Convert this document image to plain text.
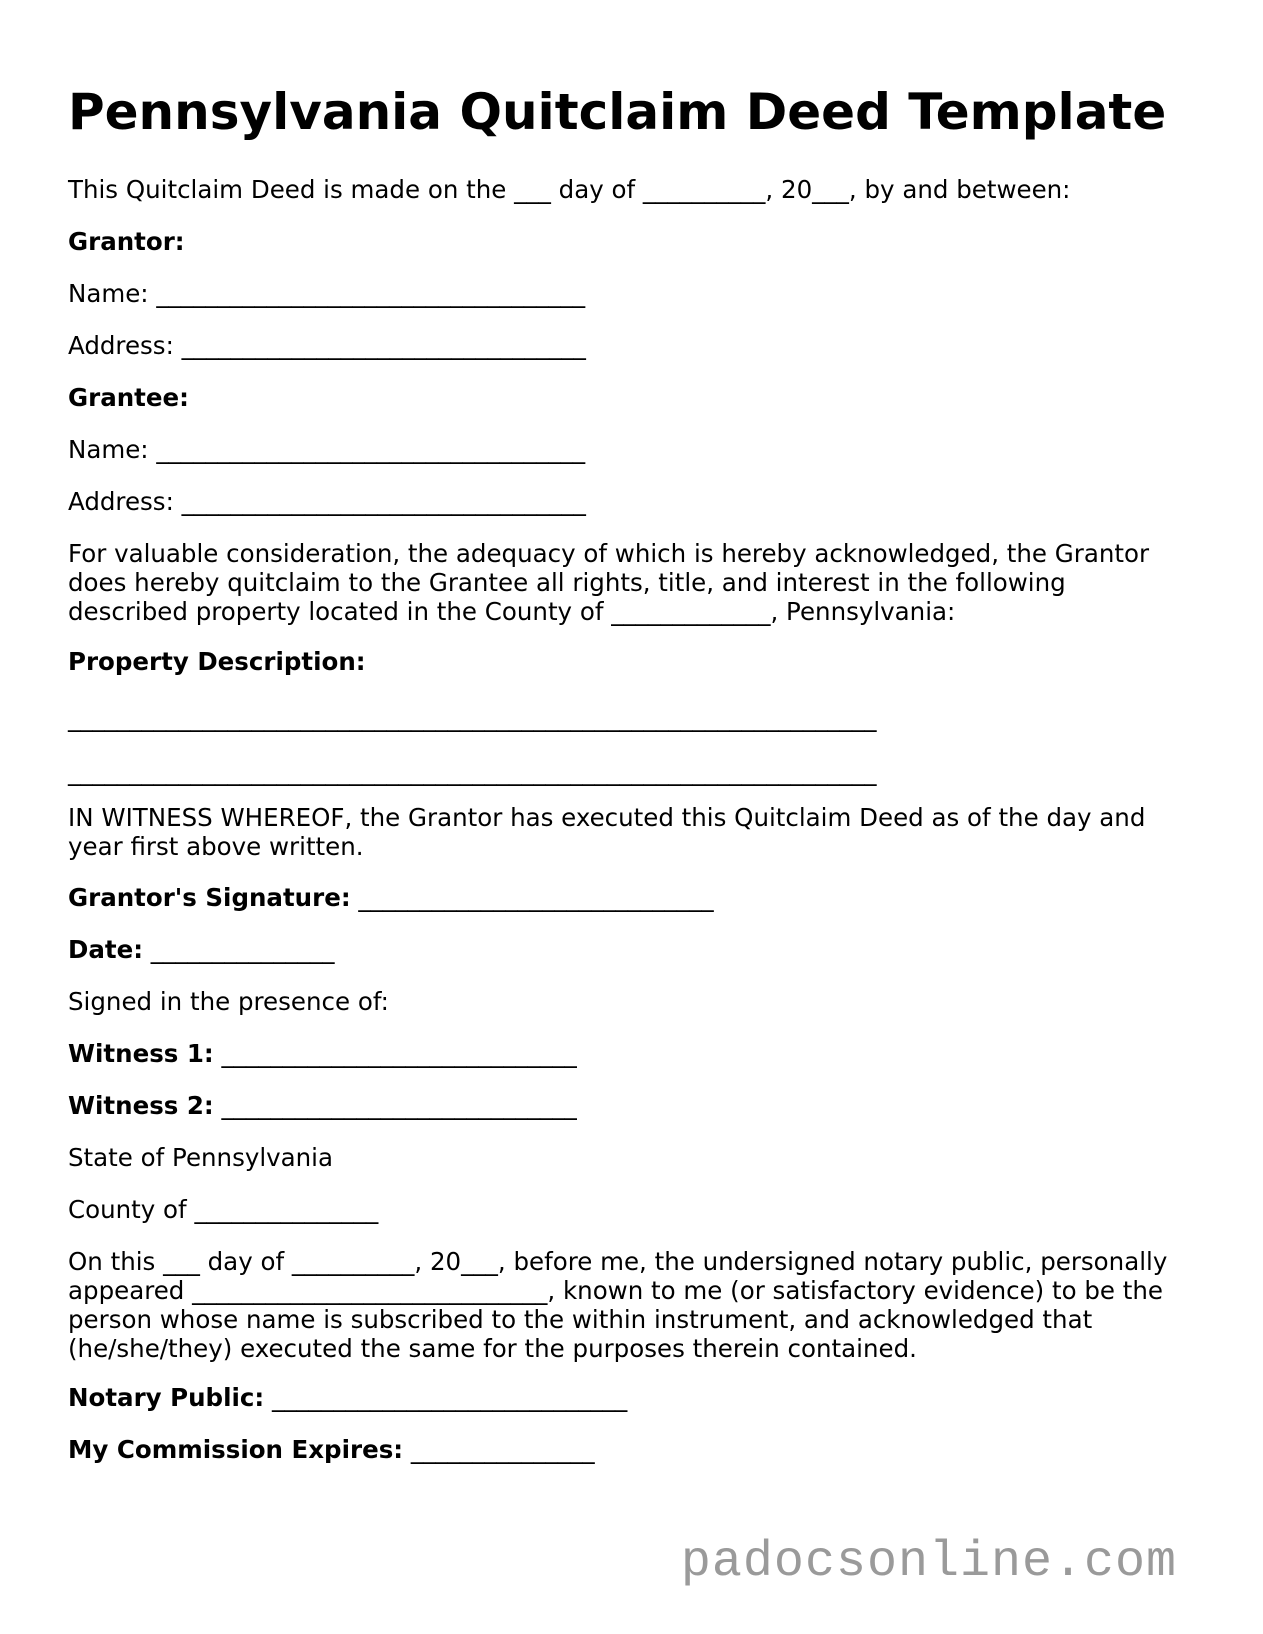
Pennsylvania Quitclaim Deed Template

This Quitclaim Deed is made on the ___ day of __________, 20___, by and between:

Grantor:

Name: ___________________________________

Address: _________________________________

Grantee:

Name: ___________________________________

Address: _________________________________

For valuable consideration, the adequacy of which is hereby acknowledged, the Grantor
does hereby quitclaim to the Grantee all rights, title, and interest in the following
described property located in the County of _____________, Pennsylvania:

Property Description:

__________________________________________________________________

__________________________________________________________________

IN WITNESS WHEREOF, the Grantor has executed this Quitclaim Deed as of the day and
year first above written.

Grantor's Signature: _____________________________

Date: _______________

Signed in the presence of:

Witness 1: _____________________________

Witness 2: _____________________________

State of Pennsylvania

County of _______________

On this ___ day of __________, 20___, before me, the undersigned notary public, personally
appeared _____________________________, known to me (or satisfactory evidence) to be the
person whose name is subscribed to the within instrument, and acknowledged that
(he/she/they) executed the same for the purposes therein contained.

Notary Public: _____________________________

My Commission Expires: _______________

padocsonline.com
